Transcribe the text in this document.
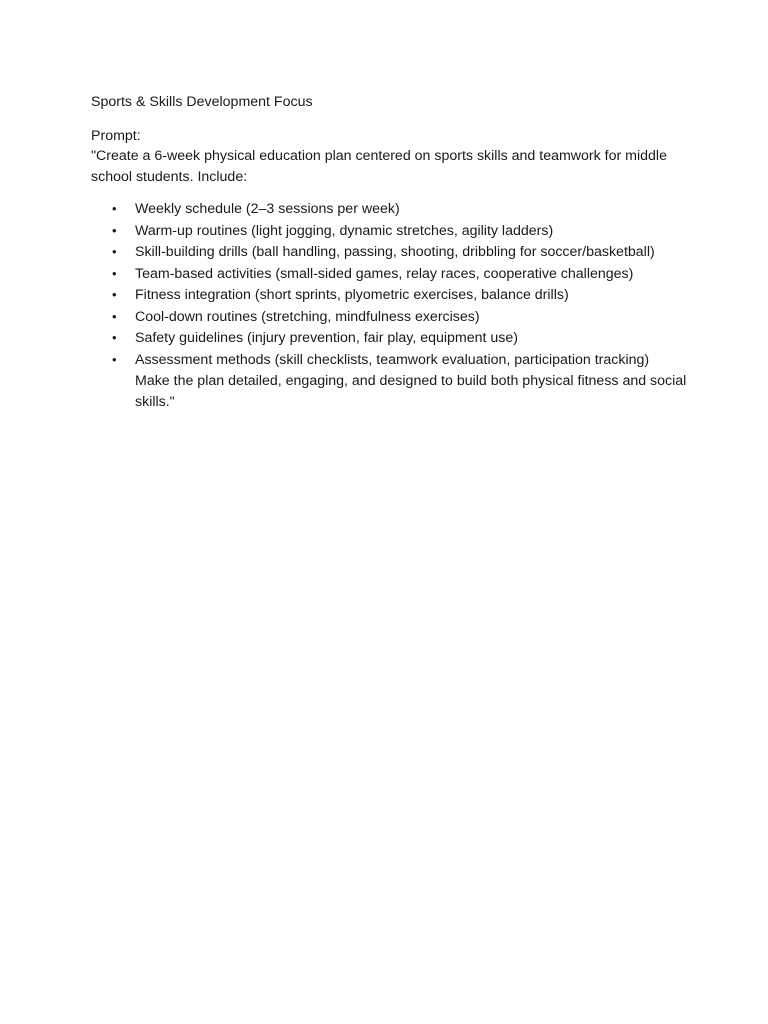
Sports & Skills Development Focus

Prompt:

"Create a 6-week physical education plan centered on sports skills and teamwork for middle school students. Include:

• Weekly schedule (2–3 sessions per week)
• Warm-up routines (light jogging, dynamic stretches, agility ladders)
• Skill-building drills (ball handling, passing, shooting, dribbling for soccer/basketball)
• Team-based activities (small-sided games, relay races, cooperative challenges)
• Fitness integration (short sprints, plyometric exercises, balance drills)
• Cool-down routines (stretching, mindfulness exercises)
• Safety guidelines (injury prevention, fair play, equipment use)
• Assessment methods (skill checklists, teamwork evaluation, participation tracking)

Make the plan detailed, engaging, and designed to build both physical fitness and social skills."
